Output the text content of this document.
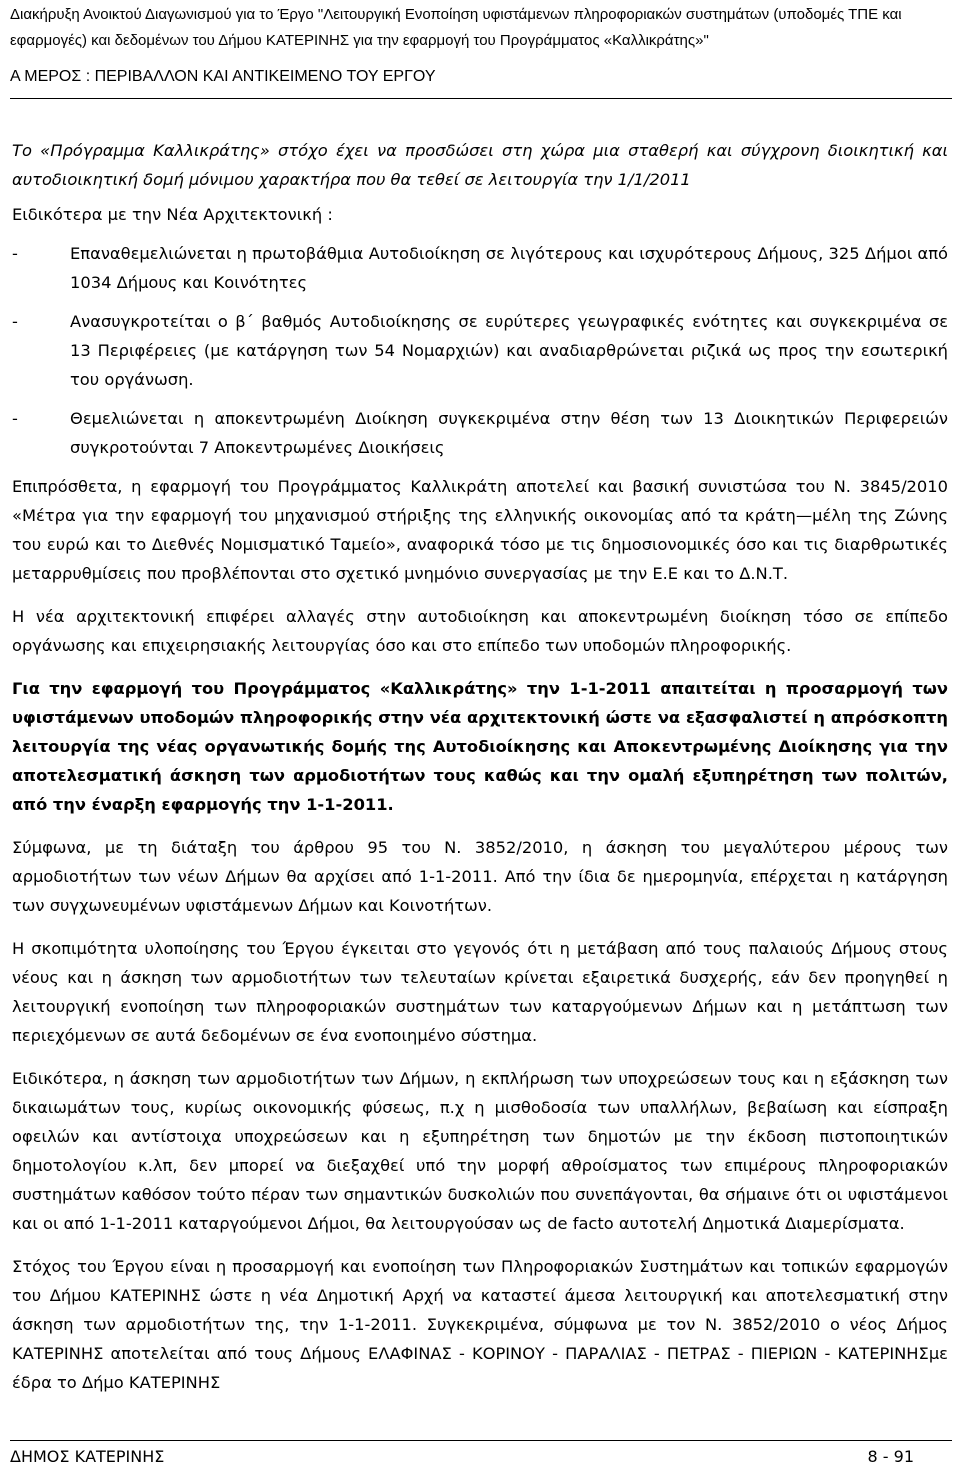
Διακήρυξη Ανοικτού Διαγωνισμού για το Έργο "Λειτουργική Ενοποίηση υφιστάμενων πληροφοριακών συστημάτων (υποδομές ΤΠΕ και
εφαρμογές) και δεδομένων του Δήμου ΚΑΤΕΡΙΝΗΣ για την εφαρμογή του Προγράμματος «Καλλικράτης»"
Α ΜΕΡΟΣ : ΠΕΡΙΒΑΛΛΟΝ ΚΑΙ ΑΝΤΙΚΕΙΜΕΝΟ ΤΟΥ ΕΡΓΟΥ

Το «Πρόγραμμα Καλλικράτης» στόχο έχει να προσδώσει στη χώρα μια σταθερή και σύγχρονη διοικητική και αυτοδιοικητική δομή μόνιμου χαρακτήρα που θα τεθεί σε λειτουργία την 1/1/2011

Ειδικότερα με την Νέα Αρχιτεκτονική :

-	Επαναθεμελιώνεται η πρωτοβάθμια Αυτοδιοίκηση σε λιγότερους και ισχυρότερους Δήμους, 325 Δήμοι από 1034 Δήμους και Κοινότητες
-	Ανασυγκροτείται ο β΄ βαθμός Αυτοδιοίκησης σε ευρύτερες γεωγραφικές ενότητες και συγκεκριμένα σε 13 Περιφέρειες (με κατάργηση των 54 Νομαρχιών) και αναδιαρθρώνεται ριζικά ως προς την εσωτερική του οργάνωση.
-	Θεμελιώνεται η αποκεντρωμένη Διοίκηση συγκεκριμένα στην θέση των 13 Διοικητικών Περιφερειών συγκροτούνται 7 Αποκεντρωμένες Διοικήσεις

Επιπρόσθετα, η εφαρμογή του Προγράμματος Καλλικράτη αποτελεί και βασική συνιστώσα του Ν. 3845/2010 «Μέτρα για την εφαρμογή του μηχανισμού στήριξης της ελληνικής οικονομίας από τα κράτη—μέλη της Ζώνης του ευρώ και το Διεθνές Νομισματικό Ταμείο», αναφορικά τόσο με τις δημοσιονομικές όσο και τις διαρθρωτικές μεταρρυθμίσεις που προβλέπονται στο σχετικό μνημόνιο συνεργασίας με την Ε.Ε και το Δ.Ν.Τ.

Η νέα αρχιτεκτονική επιφέρει αλλαγές στην αυτοδιοίκηση και αποκεντρωμένη διοίκηση τόσο σε επίπεδο οργάνωσης και επιχειρησιακής λειτουργίας όσο και στο επίπεδο των υποδομών πληροφορικής.

Για την εφαρμογή του Προγράμματος «Καλλικράτης» την 1-1-2011 απαιτείται η προσαρμογή των υφιστάμενων υποδομών πληροφορικής στην νέα αρχιτεκτονική ώστε να εξασφαλιστεί η απρόσκοπτη λειτουργία της νέας οργανωτικής δομής της Αυτοδιοίκησης και Αποκεντρωμένης Διοίκησης για την αποτελεσματική άσκηση των αρμοδιοτήτων τους καθώς και την ομαλή εξυπηρέτηση των πολιτών, από την έναρξη εφαρμογής την 1-1-2011.

Σύμφωνα, με τη διάταξη του άρθρου 95 του Ν. 3852/2010, η άσκηση του μεγαλύτερου μέρους των αρμοδιοτήτων των νέων Δήμων θα αρχίσει από 1-1-2011. Από την ίδια δε ημερομηνία, επέρχεται η κατάργηση των συγχωνευμένων υφιστάμενων Δήμων και Κοινοτήτων.

Η σκοπιμότητα υλοποίησης του Έργου έγκειται στο γεγονός ότι η μετάβαση από τους παλαιούς Δήμους στους νέους και η άσκηση των αρμοδιοτήτων των τελευταίων κρίνεται εξαιρετικά δυσχερής, εάν δεν προηγηθεί η λειτουργική ενοποίηση των πληροφοριακών συστημάτων των καταργούμενων Δήμων και η μετάπτωση των περιεχόμενων σε αυτά δεδομένων σε ένα ενοποιημένο σύστημα.

Ειδικότερα, η άσκηση των αρμοδιοτήτων των Δήμων, η εκπλήρωση των υποχρεώσεων τους και η εξάσκηση των δικαιωμάτων τους, κυρίως οικονομικής φύσεως, π.χ η μισθοδοσία των υπαλλήλων, βεβαίωση και είσπραξη οφειλών και αντίστοιχα υποχρεώσεων και η εξυπηρέτηση των δημοτών με την έκδοση πιστοποιητικών δημοτολογίου κ.λπ, δεν μπορεί να διεξαχθεί υπό την μορφή αθροίσματος των επιμέρους πληροφοριακών συστημάτων καθόσον τούτο πέραν των σημαντικών δυσκολιών που συνεπάγονται, θα σήμαινε ότι οι υφιστάμενοι και οι από 1-1-2011 καταργούμενοι Δήμοι, θα λειτουργούσαν ως de facto αυτοτελή Δημοτικά Διαμερίσματα.

Στόχος του Έργου είναι η προσαρμογή και ενοποίηση των Πληροφοριακών Συστημάτων και τοπικών εφαρμογών του Δήμου ΚΑΤΕΡΙΝΗΣ ώστε η νέα Δημοτική Αρχή να καταστεί άμεσα λειτουργική και αποτελεσματική στην άσκηση των αρμοδιοτήτων της, την 1-1-2011. Συγκεκριμένα, σύμφωνα με τον Ν. 3852/2010 ο νέος Δήμος ΚΑΤΕΡΙΝΗΣ αποτελείται από τους Δήμους ΕΛΑΦΙΝΑΣ - ΚΟΡΙΝΟΥ - ΠΑΡΑΛΙΑΣ - ΠΕΤΡΑΣ - ΠΙΕΡΙΩΝ - ΚΑΤΕΡΙΝΗΣμε έδρα το Δήμο ΚΑΤΕΡΙΝΗΣ

ΔΗΜΟΣ ΚΑΤΕΡΙΝΗΣ	8 - 91
